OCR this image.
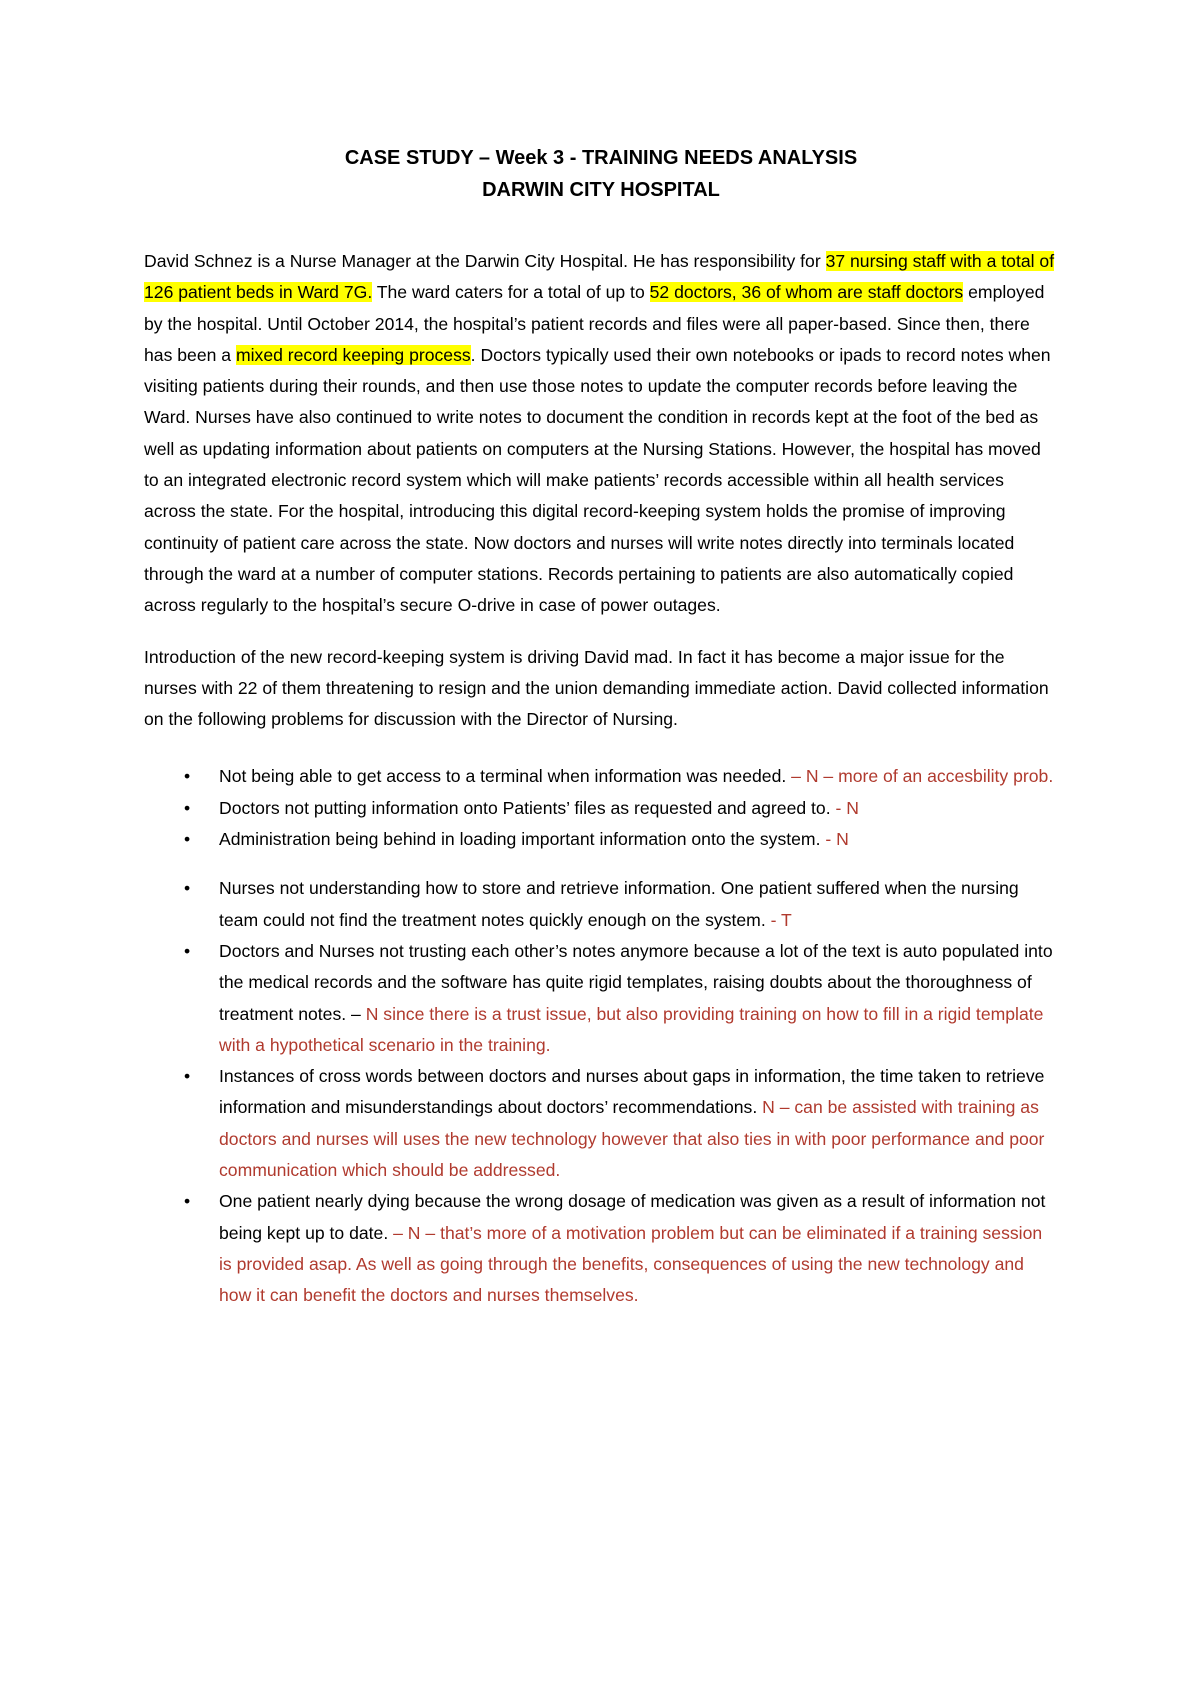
CASE STUDY – Week 3 - TRAINING NEEDS ANALYSIS

DARWIN CITY HOSPITAL

David Schnez is a Nurse Manager at the Darwin City Hospital. He has responsibility for 37 nursing staff with a total of 126 patient beds in Ward 7G. The ward caters for a total of up to 52 doctors, 36 of whom are staff doctors employed by the hospital. Until October 2014, the hospital’s patient records and files were all paper-based. Since then, there has been a mixed record keeping process. Doctors typically used their own notebooks or ipads to record notes when visiting patients during their rounds, and then use those notes to update the computer records before leaving the Ward. Nurses have also continued to write notes to document the condition in records kept at the foot of the bed as well as updating information about patients on computers at the Nursing Stations. However, the hospital has moved to an integrated electronic record system which will make patients’ records accessible within all health services across the state. For the hospital, introducing this digital record-keeping system holds the promise of improving continuity of patient care across the state. Now doctors and nurses will write notes directly into terminals located through the ward at a number of computer stations. Records pertaining to patients are also automatically copied across regularly to the hospital’s secure O-drive in case of power outages.

Introduction of the new record-keeping system is driving David mad. In fact it has become a major issue for the nurses with 22 of them threatening to resign and the union demanding immediate action. David collected information on the following problems for discussion with the Director of Nursing.

• Not being able to get access to a terminal when information was needed. – N – more of an accesbility prob.
• Doctors not putting information onto Patients’ files as requested and agreed to. - N
• Administration being behind in loading important information onto the system. - N
• Nurses not understanding how to store and retrieve information. One patient suffered when the nursing team could not find the treatment notes quickly enough on the system. - T
• Doctors and Nurses not trusting each other’s notes anymore because a lot of the text is auto populated into the medical records and the software has quite rigid templates, raising doubts about the thoroughness of treatment notes. – N since there is a trust issue, but also providing training on how to fill in a rigid template with a hypothetical scenario in the training.
• Instances of cross words between doctors and nurses about gaps in information, the time taken to retrieve information and misunderstandings about doctors’ recommendations. N – can be assisted with training as doctors and nurses will uses the new technology however that also ties in with poor performance and poor communication which should be addressed.
• One patient nearly dying because the wrong dosage of medication was given as a result of information not being kept up to date. – N – that’s more of a motivation problem but can be eliminated if a training session is provided asap. As well as going through the benefits, consequences of using the new technology and how it can benefit the doctors and nurses themselves.
